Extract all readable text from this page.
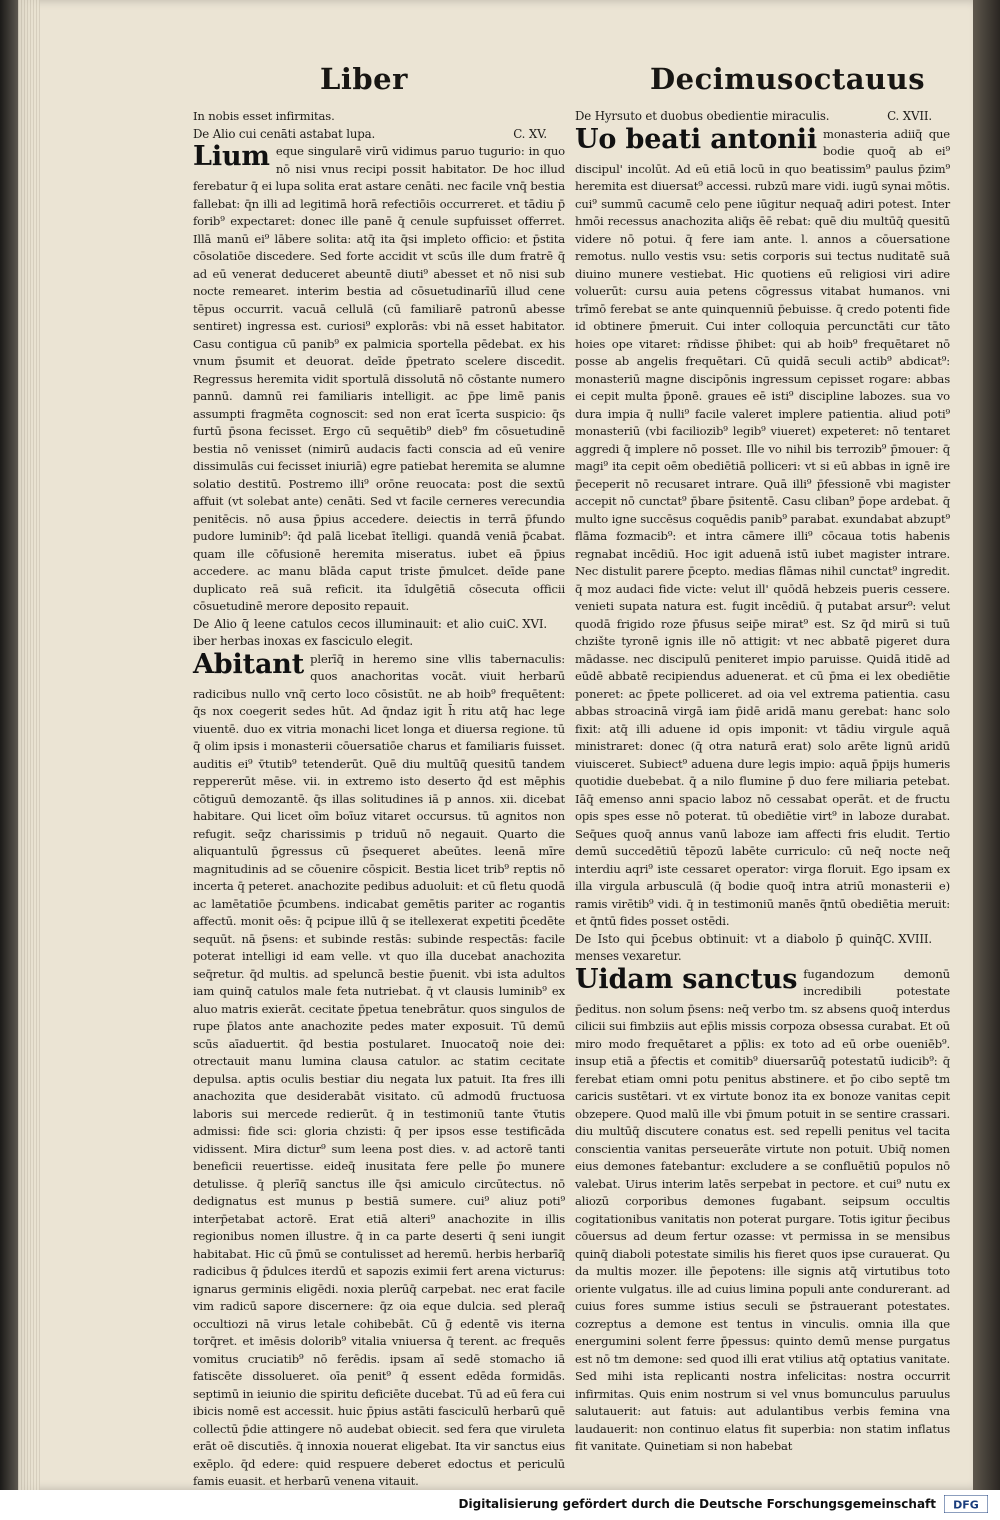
Liber	Decimusoctauus

In nobis esset infirmitas.

C. XV.
De Alio cui cenāti astabat lupa.

Lium eque singularē virū vidimus paruo tugurio: in quo nō nisi vnus recipi possit habitator. De hoc illud ferebatur q̄ ei lupa solita erat astare cenāti. nec facile vnq̄ bestia fallebat: q̄n illi ad legitimā horā refectiōis occurreret. et tādiu p̄ forib⁹ expectaret: donec ille panē q̄ cenule supfuisset offerret. Illā manū ei⁹ lābere solita: atq̄ ita q̄si impleto officio: et p̄stita cōsolatiōe discedere. Sed forte accidit vt scūs ille dum fratrē q̄ ad eū venerat deduceret abeuntē diuti⁹ abesset et nō nisi sub nocte remearet. interim bestia ad cōsuetudinarīū illud cene tēpus occurrit. vacuā cellulā (cū familiarē patronū abesse sentiret) ingressa est. curiosi⁹ explorās: vbi nā esset habitator. Casu contigua cū panib⁹ ex palmicia sportella pēdebat. ex his vnum p̄sumit et deuorat. deīde p̄petrato scelere discedit. Regressus heremita vidit sportulā dissolutā nō cōstante numero pannū. damnū rei familiaris intelligit. ac p̄pe limē panis assumpti fragmēta cognoscit: sed non erat īcerta suspicio: q̄s furtū p̄sona fecisset. Ergo cū sequētib⁹ dieb⁹ fm cōsuetudinē bestia nō venisset (nimirū audacis facti conscia ad eū venire dissimulās cui fecisset iniuriā) egre patiebat heremita se alumne solatio destitū. Postremo illi⁹ orōne reuocata: post die sextū affuit (vt solebat ante) cenāti. Sed vt facile cerneres verecundia penitēcis. nō ausa p̄pius accedere. deiectis in terrā p̄fundo pudore luminib⁹: q̄d palā licebat ītelligi. quandā veniā p̄cabat. quam ille cōfusionē heremita miseratus. iubet eā p̄pius accedere. ac manu blāda caput triste p̄mulcet. deīde pane duplicato reā suā reficit. ita īdulgētiā cōsecuta officii cōsuetudinē merore deposito repauit.

C. XVI.
De Alio q̄ leene catulos cecos illuminauit: et alio cui iber herbas inoxas ex fasciculo elegit.

Abitant plerīq̄ in heremo sine vllis tabernaculis: quos anachoritas vocāt. viuit herbarū radicibus nullo vnq̄ certo loco cōsistūt. ne ab hoib⁹ frequētent: q̄s nox coegerit sedes hūt. Ad q̄ndaz igit h̄ ritu atq̄ hac lege viuentē. duo ex vitria monachi licet longa et diuersa regione. tū q̄ olim ipsis i monasterii cōuersatiōe charus et familiaris fuisset. auditis ei⁹ v̄tutib⁹ tetenderūt. Quē diu multūq̄ quesitū tandem reppererūt mēse. vii. in extremo isto deserto q̄d est mēphis cōtiguū demozantē. q̄s illas solitudines iā p annos. xii. dicebat habitare. Qui licet oīm boīuz vitaret occursus. tū agnitos non refugit. seq̄z charissimis p triduū nō negauit. Quarto die aliquantulū p̄gressus cū p̄sequeret abeūtes. leenā mīre magnitudinis ad se cōuenire cōspicit. Bestia licet trib⁹ reptis nō incerta q̄ peteret. anachozite pedibus aduoluit: et cū fletu quodā ac lamētatiōe p̄cumbens. indicabat gemētis pariter ac rogantis affectū. monit oēs: q̄ pcipue illū q̄ se itellexerat expetiti p̄cedēte sequūt. nā p̄sens: et subinde restās: subinde respectās: facile poterat intelligi id eam velle. vt quo illa ducebat anachozita seq̄retur. q̄d multis. ad speluncā bestie p̄uenit. vbi ista adultos iam quinq̄ catulos male feta nutriebat. q̄ vt clausis luminib⁹ ex aluo matris exierāt. cecitate p̄petua tenebrātur. quos singulos de rupe p̄latos ante anachozite pedes mater exposuit. Tū demū scūs aīaduertit. q̄d bestia postularet. Inuocatoq̄ noie dei: otrectauit manu lumina clausa catulor. ac statim cecitate depulsa. aptis oculis bestiar diu negata lux patuit. Ita fres illi anachozita que desiderabāt visitato. cū admodū fructuosa laboris sui mercede redierūt. q̄ in testimoniū tante v̄tutis admissi: fide sci: gloria chzisti: q̄ per ipsos esse testificāda vidissent. Mira dictur⁹ sum leena post dies. v. ad actorē tanti beneficii reuertisse. eideq̄ inusitata fere pelle p̄o munere detulisse. q̄ plerīq̄ sanctus ille q̄si amiculo circūtectus. nō dedignatus est munus p bestiā sumere. cui⁹ aliuz poti⁹ interp̄etabat actorē. Erat etiā alteri⁹ anachozite in illis regionibus nomen illustre. q̄ in ca parte deserti q̄ seni iungit habitabat. Hic cū p̄mū se contulisset ad heremū. herbis herbarīq̄ radicibus q̄ p̄dulces iterdū et sapozis eximii fert arena victurus: ignarus germinis eligēdi. noxia plerūq̄ carpebat. nec erat facile vim radicū sapore discernere: q̄z oia eque dulcia. sed pleraq̄ occultiozi nā virus letale cohibebāt. Cū ḡ edentē vis iterna torq̄ret. et imēsis dolorib⁹ vitalia vniuersa q̄ terent. ac frequēs vomitus cruciatib⁹ nō ferēdis. ipsam aī sedē stomacho iā fatiscēte dissolueret. oīa penit⁹ q̄ essent edēda formidās. septimū in ieiunio die spiritu deficiēte ducebat. Tū ad eū fera cui ibicis nomē est accessit. huic p̄pius astāti fasciculū herbarū quē collectū p̄die attingere nō audebat obiecit. sed fera que viruleta erāt oē discutiēs. q̄ innoxia nouerat eligebat. Ita vir sanctus eius exēplo. q̄d edere: quid respuere deberet edoctus et periculū famis euasit. et herbarū venena vitauit.

C. XVII.
De Hyrsuto et duobus obedientie miraculis.

Uo beati antonii monasteria adiiq̄ que bodie quoq̄ ab ei⁹ discipul' incolūt. Ad eū etiā locū in quo beatissim⁹ paulus p̄zim⁹ heremita est diuersat⁹ accessi. rubzū mare vidi. iugū synai mōtis. cui⁹ summū cacumē celo pene iūgitur nequaq̄ adiri potest. Inter hmōi recessus anachozita aliq̄s ēē rebat: quē diu multūq̄ quesitū videre nō potui. q̄ fere iam ante. l. annos a cōuersatione remotus. nullo vestis vsu: setis corporis sui tectus nuditatē suā diuino munere vestiebat. Hic quotiens eū religiosi viri adire voluerūt: cursu auia petens cōgressus vitabat humanos. vni trīmō ferebat se ante quinquenniū p̄ebuisse. q̄ credo potenti fide id obtinere p̄meruit. Cui inter colloquia percunctāti cur tāto hoies ope vitaret: rñdisse p̄hibet: qui ab hoib⁹ frequētaret nō posse ab angelis frequētari. Cū quidā seculi actib⁹ abdicat⁹: monasteriū magne discipōnis ingressum cepisset rogare: abbas ei cepit multa p̄ponē. graues eē isti⁹ discipline labozes. sua vo dura impia q̄ nulli⁹ facile valeret implere patientia. aliud poti⁹ monasteriū (vbi faciliozib⁹ legib⁹ viueret) expeteret: nō tentaret aggredi q̄ implere nō posset. Ille vo nihil bis terrozib⁹ p̄mouer: q̄ magi⁹ ita cepit oēm obediētiā polliceri: vt si eū abbas in ignē ire p̄eceperit nō recusaret intrare. Quā illi⁹ p̄fessionē vbi magister accepit nō cunctat⁹ p̄bare p̄sitentē. Casu cliban⁹ p̄ope ardebat. q̄ multo igne succēsus coquēdis panib⁹ parabat. exundabat abzupt⁹ flāma fozmacib⁹: et intra cāmere illi⁹ cōcaua totis habenis regnabat incēdiū. Hoc igit aduenā istū iubet magister intrare. Nec distulit parere p̄cepto. medias flāmas nihil cunctat⁹ ingredit. q̄ moz audaci fide victe: velut ill' quōdā hebzeis pueris cessere. venieti supata natura est. fugit incēdiū. q̄ putabat arsur⁹: velut quodā frigido roze p̄fusus seip̄e mirat⁹ est. Sz q̄d mirū si tuū chzište tyronē ignis ille nō attigit: vt nec abbatē pigeret dura mādasse. nec discipulū peniteret impio paruisse. Quidā itidē ad eūdē abbatē recipiendus aduenerat. et cū p̄ma ei lex obediētie poneret: ac p̄pete polliceret. ad oia vel extrema patientia. casu abbas stroacinā virgā iam p̄idē aridā manu gerebat: hanc solo fixit: atq̄ illi aduene id opis imponit: vt tādiu virgule aquā ministraret: donec (q̄ otra naturā erat) solo arēte lignū aridū viuisceret. Subiect⁹ aduena dure legis impio: aquā p̄pijs humeris quotidie duebebat. q̄ a nilo flumine p̄ duo fere miliaria petebat. Iāq̄ emenso anni spacio laboz nō cessabat operāt. et de fructu opis spes esse nō poterat. tū obediētie virt⁹ in laboze durabat. Seq̄ues quoq̄ annus vanū laboze iam affecti fris eludit. Tertio demū succedētiū tēpozū labēte curriculo: cū neq̄ nocte neq̄ interdiu aqri⁹ iste cessaret operator: virga floruit. Ego ipsam ex illa virgula arbusculā (q̄ bodie quoq̄ intra atriū monasterii e) ramis virētib⁹ vidi. q̄ in testimoniū manēs q̄ntū obediētia meruit: et q̄ntū fides posset ostēdi.

C. XVIII.
De Isto qui p̄cebus obtinuit: vt a diabolo p̄ quinq̄ menses vexaretur.

Uidam sanctus fugandozum demonū incredibili potestate p̄editus. non solum p̄sens: neq̄ verbo tm. sz absens quoq̄ interdus cilicii sui fimbziis aut ep̄lis missis corpoza obsessa curabat. Et oū miro modo frequētaret a pp̄lis: ex toto ad eū orbe oueniēb⁹. insup etiā a p̄fectis et comitib⁹ diuersarūq̄ potestatū iudicib⁹: q̄ ferebat etiam omni potu penitus abstinere. et p̄o cibo septē tm caricis sustētari. vt ex virtute bonoz ita ex bonoze vanitas cepit obzepere. Quod malū ille vbi p̄mum potuit in se sentire crassari. diu multūq̄ discutere conatus est. sed repelli penitus vel tacita conscientia vanitas perseuerāte virtute non potuit. Ubiq̄ nomen eius demones fatebantur: excludere a se confluētiū populos nō valebat. Uirus interim latēs serpebat in pectore. et cui⁹ nutu ex aliozū corporibus demones fugabant. seipsum occultis cogitationibus vanitatis non poterat purgare. Totis igitur p̄ecibus cōuersus ad deum fertur ozasse: vt permissa in se mensibus quinq̄ diaboli potestate similis his fieret quos ipse curauerat. Qu da multis mozer. ille p̄epotens: ille signis atq̄ virtutibus toto oriente vulgatus. ille ad cuius limina populi ante condurerant. ad cuius fores summe istius seculi se p̄strauerant potestates. cozreptus a demone est tentus in vinculis. omnia illa que energumini solent ferre p̄pessus: quinto demū mense purgatus est nō tm demone: sed quod illi erat vtilius atq̄ optatius vanitate. Sed mihi ista replicanti nostra infelicitas: nostra occurrit infirmitas. Quis enim nostrum si vel vnus bomunculus paruulus salutauerit: aut fatuis: aut adulantibus verbis femina vna laudauerit: non continuo elatus fit superbia: non statim inflatus fit vanitate. Quinetiam si non habebat

Digitalisierung gefördert durch die Deutsche Forschungsgemeinschaft DFG
